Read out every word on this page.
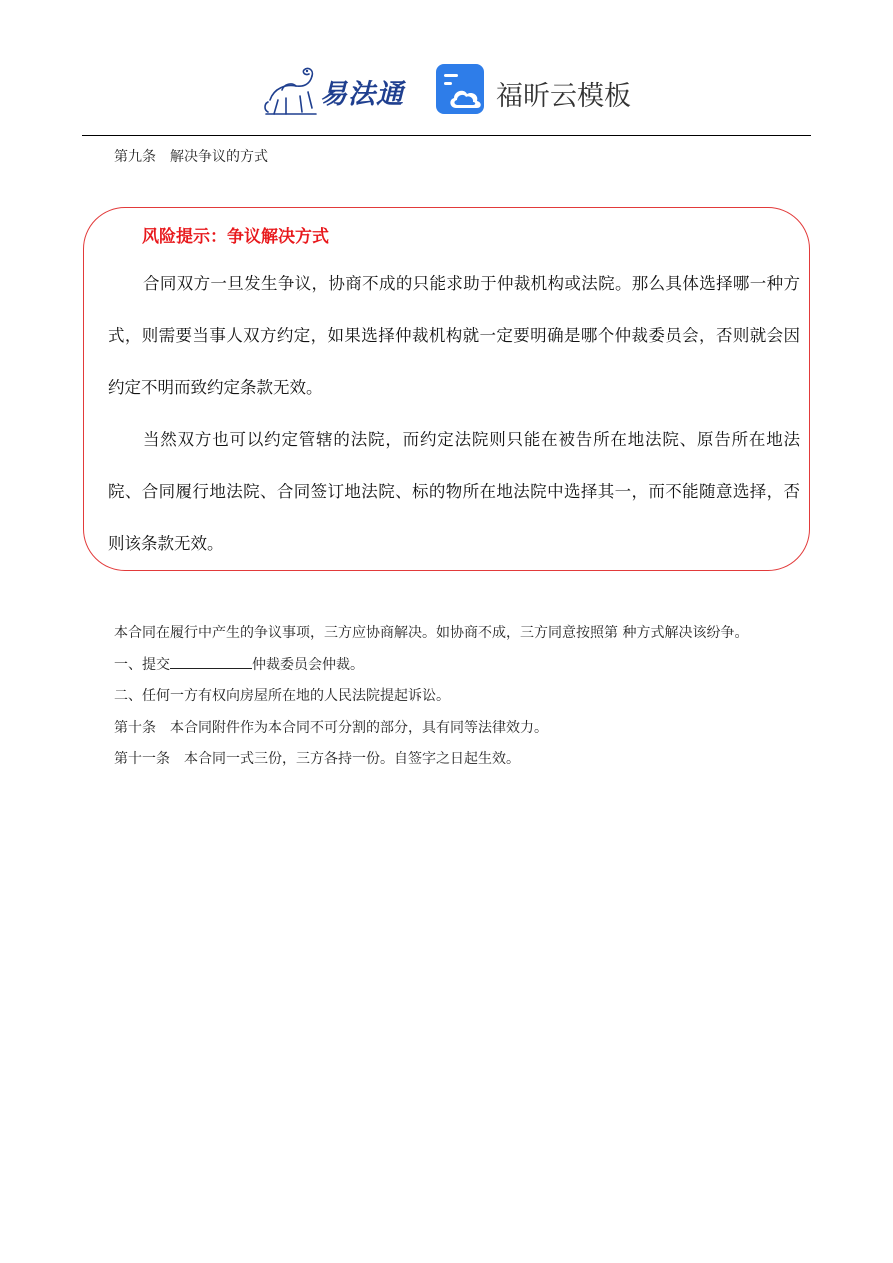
易法通	福昕云模板
第九条　解决争议的方式
风险提示：争议解决方式

合同双方一旦发生争议，协商不成的只能求助于仲裁机构或法院。那么具体选择哪一种方式，则需要当事人双方约定，如果选择仲裁机构就一定要明确是哪个仲裁委员会，否则就会因约定不明而致约定条款无效。

当然双方也可以约定管辖的法院，而约定法院则只能在被告所在地法院、原告所在地法院、合同履行地法院、合同签订地法院、标的物所在地法院中选择其一，而不能随意选择，否则该条款无效。

本合同在履行中产生的争议事项，三方应协商解决。如协商不成，三方同意按照第 种方式解决该纷争。
一、提交	仲裁委员会仲裁。
二、任何一方有权向房屋所在地的人民法院提起诉讼。
第十条　本合同附件作为本合同不可分割的部分，具有同等法律效力。
第十一条　本合同一式三份，三方各持一份。自签字之日起生效。
